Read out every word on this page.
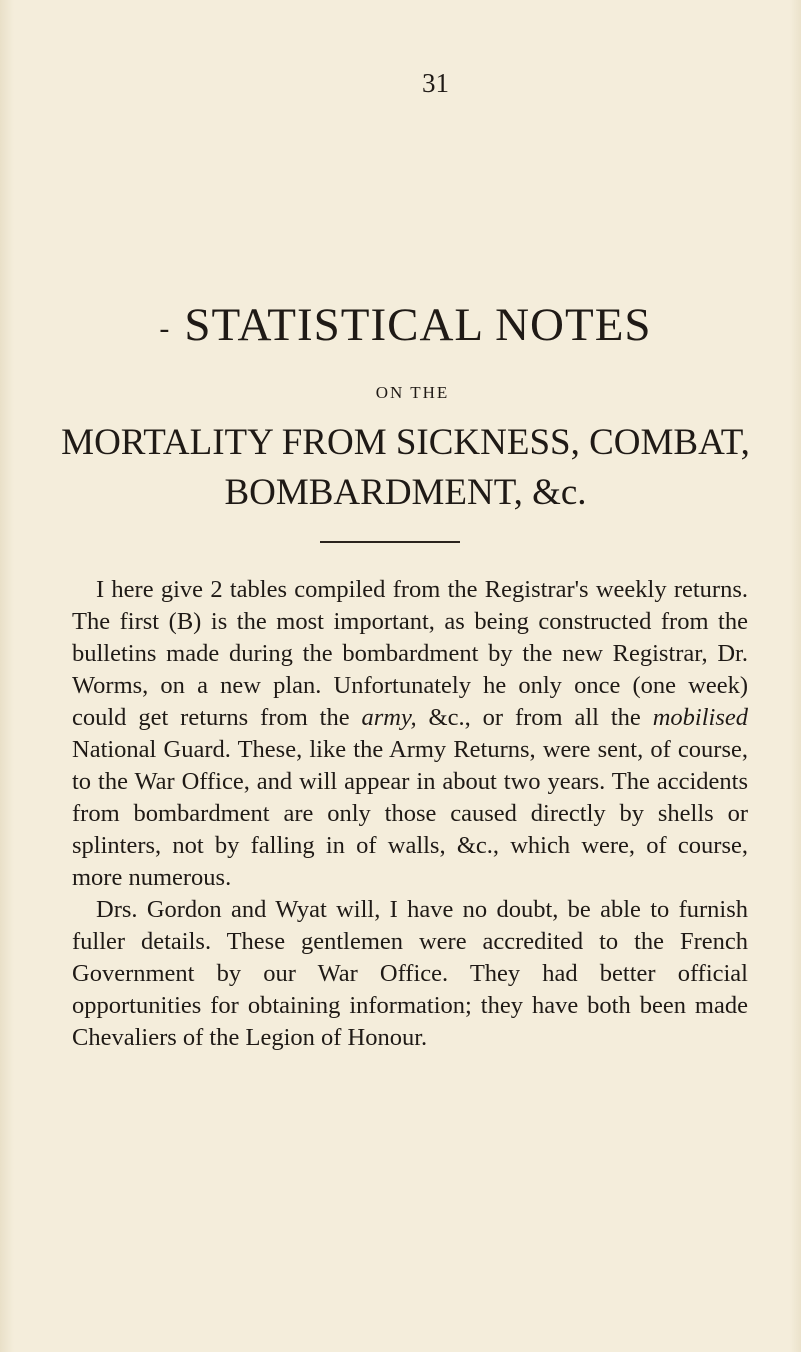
31
- STATISTICAL NOTES
ON THE
MORTALITY FROM SICKNESS, COMBAT,
BOMBARDMENT, &c.

I here give 2 tables compiled from the Registrar's weekly returns. The first (B) is the most important, as being constructed from the bulletins made during the bombardment by the new Registrar, Dr. Worms, on a new plan. Unfortunately he only once (one week) could get returns from the army, &c., or from all the mobilised National Guard. These, like the Army Returns, were sent, of course, to the War Office, and will appear in about two years. The accidents from bombardment are only those caused directly by shells or splinters, not by falling in of walls, &c., which were, of course, more numerous.

Drs. Gordon and Wyat will, I have no doubt, be able to furnish fuller details. These gentlemen were accredited to the French Government by our War Office. They had better official opportunities for obtaining information; they have both been made Chevaliers of the Legion of Honour.
